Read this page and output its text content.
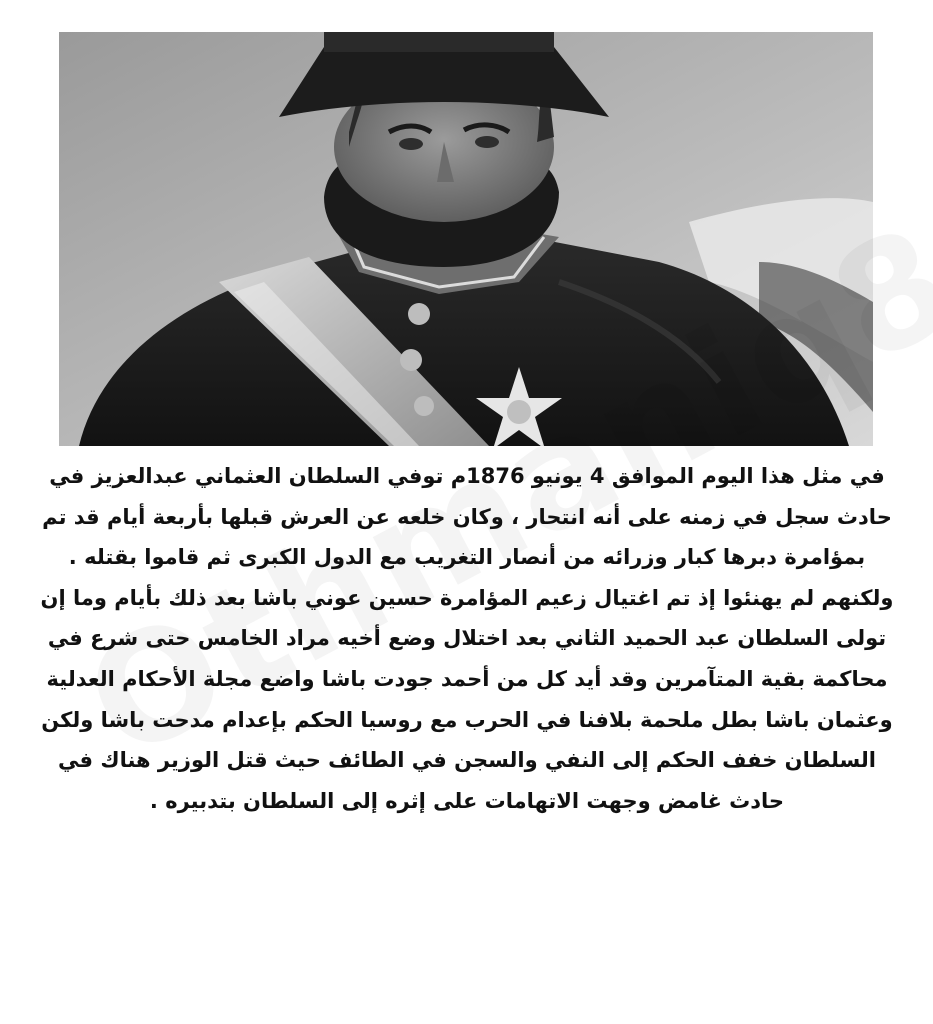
في مثل هذا اليوم الموافق 4 يونيو 1876م توفي السلطان العثماني عبدالعزيز في حادث سجل في زمنه على أنه انتحار ، وكان خلعه عن العرش قبلها بأربعة أيام قد تم بمؤامرة دبرها كبار وزرائه من أنصار التغريب مع الدول الكبرى ثم قاموا بقتله .

ولكنهم لم يهنئوا إذ تم اغتيال زعيم المؤامرة حسين عوني باشا بعد ذلك بأيام وما إن تولى السلطان عبد الحميد الثاني بعد اختلال وضع أخيه مراد الخامس حتى شرع في محاكمة بقية المتآمرين وقد أيد كل من أحمد جودت باشا واضع مجلة الأحكام العدلية وعثمان باشا بطل ملحمة بلافنا في الحرب مع روسيا الحكم بإعدام مدحت باشا ولكن السلطان خفف الحكم إلى النفي والسجن في الطائف حيث قتل الوزير هناك في حادث غامض وجهت الاتهامات على إثره إلى السلطان بتدبيره .
